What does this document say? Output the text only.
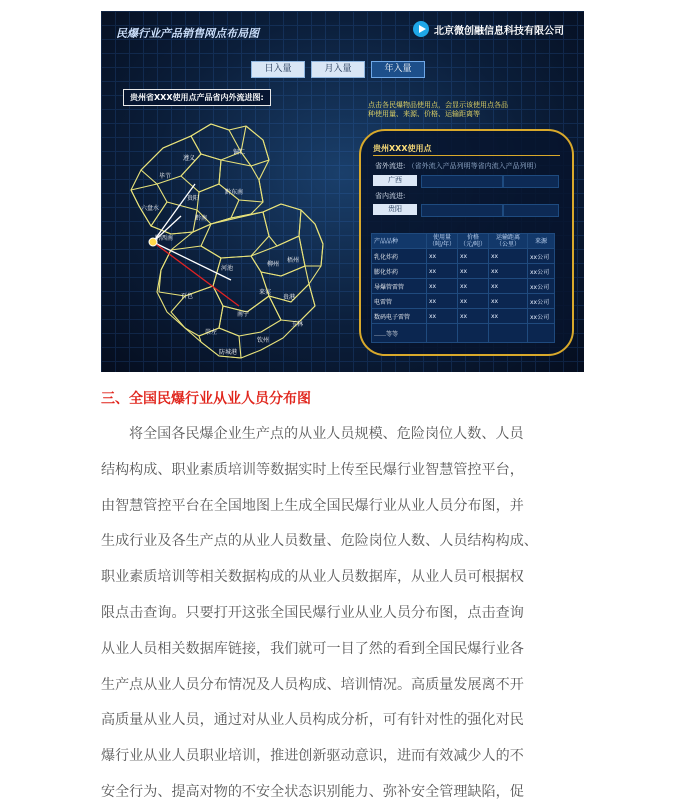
民爆行业产品销售网点布局图	北京微创融信息科技有限公司
日入量	月入量	年入量
贵州省XXX使用点产品省内外流进图:
点击各民爆物品使用点，会显示该使用点各品种使用量、来源、价格、运输距离等
遵义
铜仁
毕节
贵阳
黔东南
黔南
六盘水
黔西南
河池
柳州
梧州
百色
来宾
贵港
南宁
玉林
崇左
钦州
防城港
贵州XXX使用点
省外流进: （省外流入产品列明等省内流入产品列明）
广西
省内流进:
贵阳
产品品种	使用量（吨/年）	价格（元/吨）	运输距离（公里）	来源
乳化炸药	xx	xx	xx	xx公司
膨化炸药	xx	xx	xx	xx公司
导爆管雷管	xx	xx	xx	xx公司
电雷管	xx	xx	xx	xx公司
数码电子雷管	xx	xx	xx	xx公司
……等等				
三、全国民爆行业从业人员分布图
将全国各民爆企业生产点的从业人员规模、危险岗位人数、人员
结构构成、职业素质培训等数据实时上传至民爆行业智慧管控平台，
由智慧管控平台在全国地图上生成全国民爆行业从业人员分布图，并
生成行业及各生产点的从业人员数量、危险岗位人数、人员结构构成、
职业素质培训等相关数据构成的从业人员数据库，从业人员可根据权
限点击查询。只要打开这张全国民爆行业从业人员分布图，点击查询
从业人员相关数据库链接，我们就可一目了然的看到全国民爆行业各
生产点从业人员分布情况及人员构成、培训情况。高质量发展离不开
高质量从业人员，通过对从业人员构成分析，可有针对性的强化对民
爆行业从业人员职业培训，推进创新驱动意识，进而有效减少人的不
安全行为、提高对物的不安全状态识别能力、弥补安全管理缺陷，促
